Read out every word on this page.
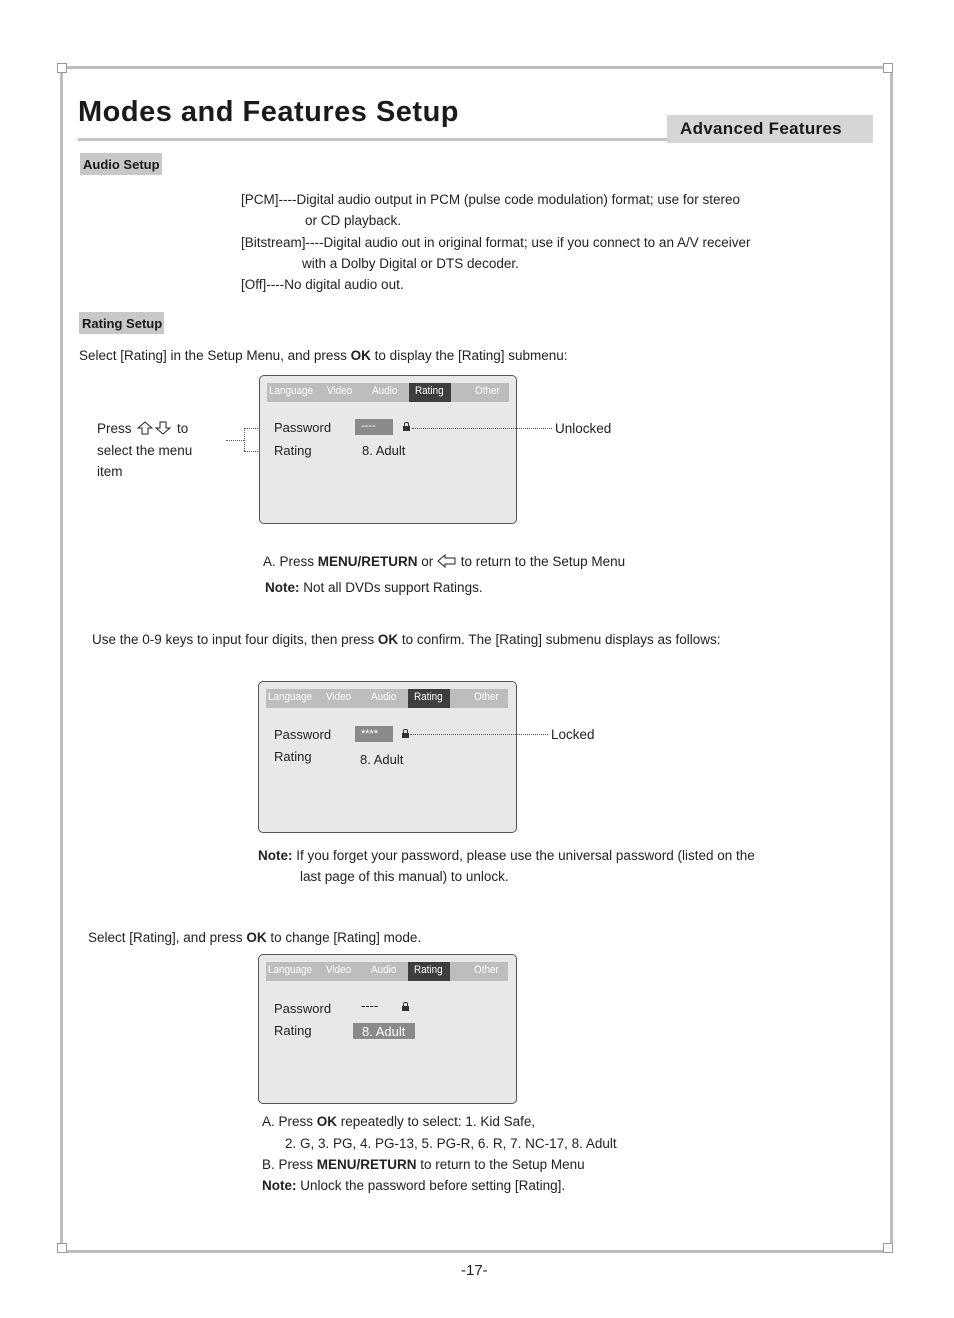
Modes and Features Setup
Advanced Features
Audio Setup
[PCM]----Digital audio output in PCM (pulse code modulation) format; use for stereo
or CD playback.
[Bitstream]----Digital audio out in original format; use if you connect to an A/V receiver
with a Dolby Digital or DTS decoder.
[Off]----No digital audio out.
Rating Setup
Select [Rating] in the Setup Menu, and press OK to display the [Rating] submenu:
Press	to
select the menu
item
Language Video Audio Rating	Other
Password	----
Rating	8. Adult
Unlocked
A. Press MENU/RETURN or  to return to the Setup Menu
Note: Not all DVDs support Ratings.
Use the 0-9 keys to input four digits, then press OK to confirm. The [Rating] submenu displays as follows:
Language Video Audio Rating	Other
Password	****
Rating	8. Adult
Locked
Note: If you forget your password, please use the universal password (listed on the
last page of this manual) to unlock.
Select [Rating], and press OK to change [Rating] mode.
Language Video Audio Rating	Other
Password ----
Rating	8. Adult
A. Press OK repeatedly to select: 1. Kid Safe,
2. G, 3. PG, 4. PG-13, 5. PG-R, 6. R, 7. NC-17, 8. Adult
B. Press MENU/RETURN to return to the Setup Menu
Note: Unlock the password before setting [Rating].
-17-
